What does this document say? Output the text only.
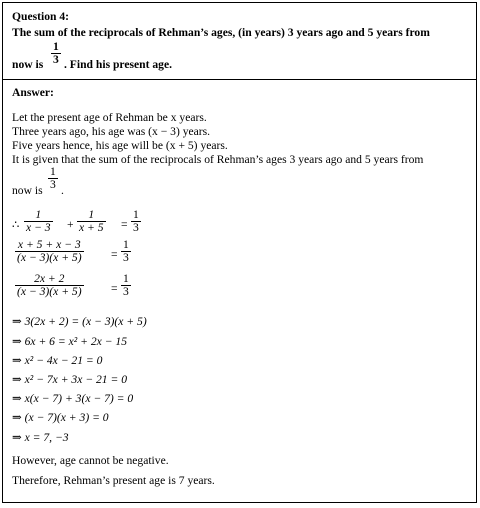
Question 4:
The sum of the reciprocals of Rehman’s ages, (in years) 3 years ago and 5 years from
now is
1
3 . Find his present age.
Answer:
Let the present age of Rehman be x years.
Three years ago, his age was (x − 3) years.
Five years hence, his age will be (x + 5) years.
It is given that the sum of the reciprocals of Rehman’s ages 3 years ago and 5 years from
now is
1
3 .
∴
1
x − 3 +
1
x + 5 =
1
3
x + 5 + x − 3
(x − 3)(x + 5)	=
1
3
2x + 2
(x − 3)(x + 5)	=
1
3
⇒ 3(2x + 2) = (x − 3)(x + 5)
⇒ 6x + 6 = x² + 2x − 15
⇒ x² − 4x − 21 = 0
⇒ x² − 7x + 3x − 21 = 0
⇒ x(x − 7) + 3(x − 7) = 0
⇒ (x − 7)(x + 3) = 0
⇒ x = 7, −3
However, age cannot be negative.
Therefore, Rehman’s present age is 7 years.
